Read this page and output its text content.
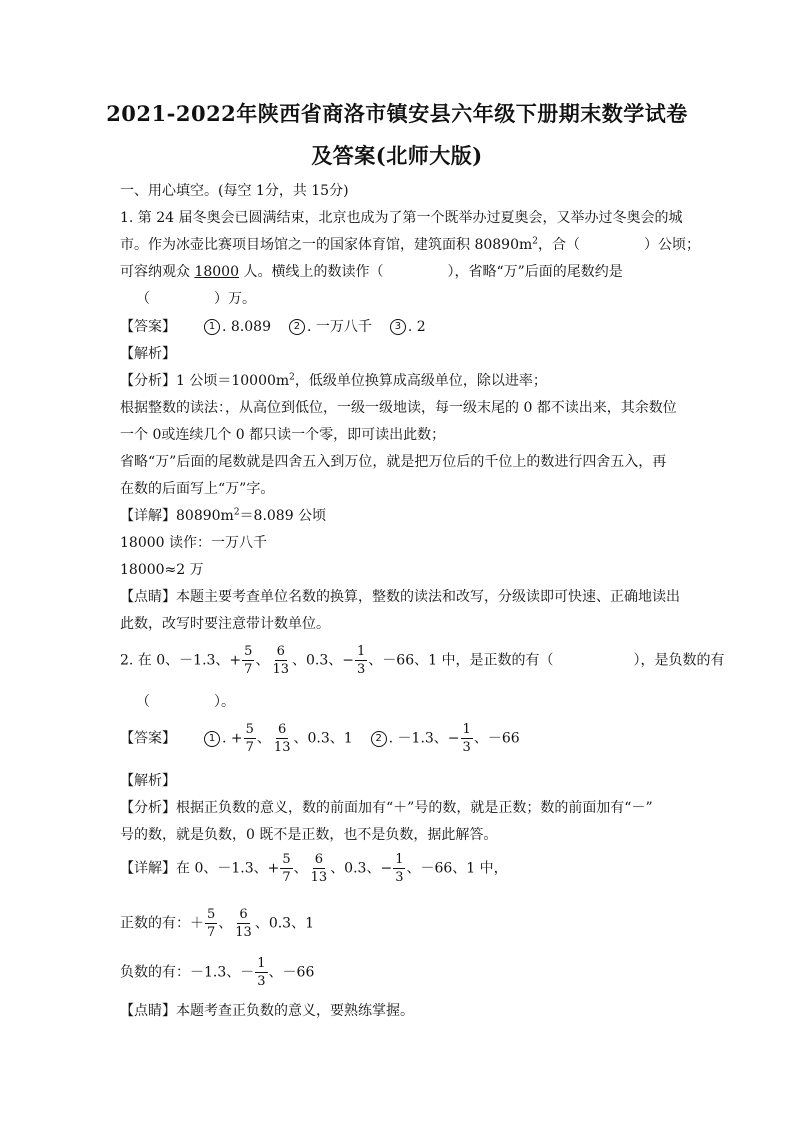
2021-2022年陕西省商洛市镇安县六年级下册期末数学试卷
及答案(北师大版)
一、用心填空。(每空 1分，共 15分)
1. 第 24 届冬奥会已圆满结束，北京也成为了第一个既举办过夏奥会，又举办过冬奥会的城
市。作为冰壶比赛项目场馆之一的国家体育馆，建筑面积 $80890m^2$，合（	）公顷；
可容纳观众 18000 人。横线上的数读作（	），省略“万”后面的尾数约是
（	）万。
【答案】	1 . 8.089 2 . 一万八千 3 . 2
【解析】
【分析】1 公顷$=10000m^2$，低级单位换算成高级单位，除以进率；
根据整数的读法：，从高位到低位，一级一级地读，每一级末尾的 0 都不读出来，其余数位
一个 0或连续几个 0 都只读一个零，即可读出此数；
省略“万”后面的尾数就是四舍五入到万位，就是把万位后的千位上的数进行四舍五入，再
在数的后面写上“万”字。
【详解】$80890m^2=8.089$ 公顷
18000 读作：一万八千
18000≈2 万
【点睛】本题主要考查单位名数的换算，整数的读法和改写，分级读即可快速、正确地读出
此数，改写时要注意带计数单位。
2. 在 0、－1.3、+ $\frac{5}{7}$ 、 $\frac{6}{13}$ 、0.3、− $\frac{1}{3}$ 、－66、1 中，是正数的有（	），是负数的有
（	）。
【答案】	1 . + $\frac{5}{7}$ 、 $\frac{6}{13}$ 、0.3、1 2 . －1.3、− $\frac{1}{3}$ 、－66
【解析】
【分析】根据正负数的意义，数的前面加有“＋”号的数，就是正数；数的前面加有“－”
号的数，就是负数，0 既不是正数，也不是负数，据此解答。
【详解】在 0、－1.3、+ $\frac{5}{7}$ 、 $\frac{6}{13}$ 、0.3、− $\frac{1}{3}$ 、－66、1 中，
正数的有：＋ $\frac{5}{7}$ 、 $\frac{6}{13}$ 、0.3、1
负数的有：－1.3、－ $\frac{1}{3}$ 、－66
【点睛】本题考查正负数的意义，要熟练掌握。
